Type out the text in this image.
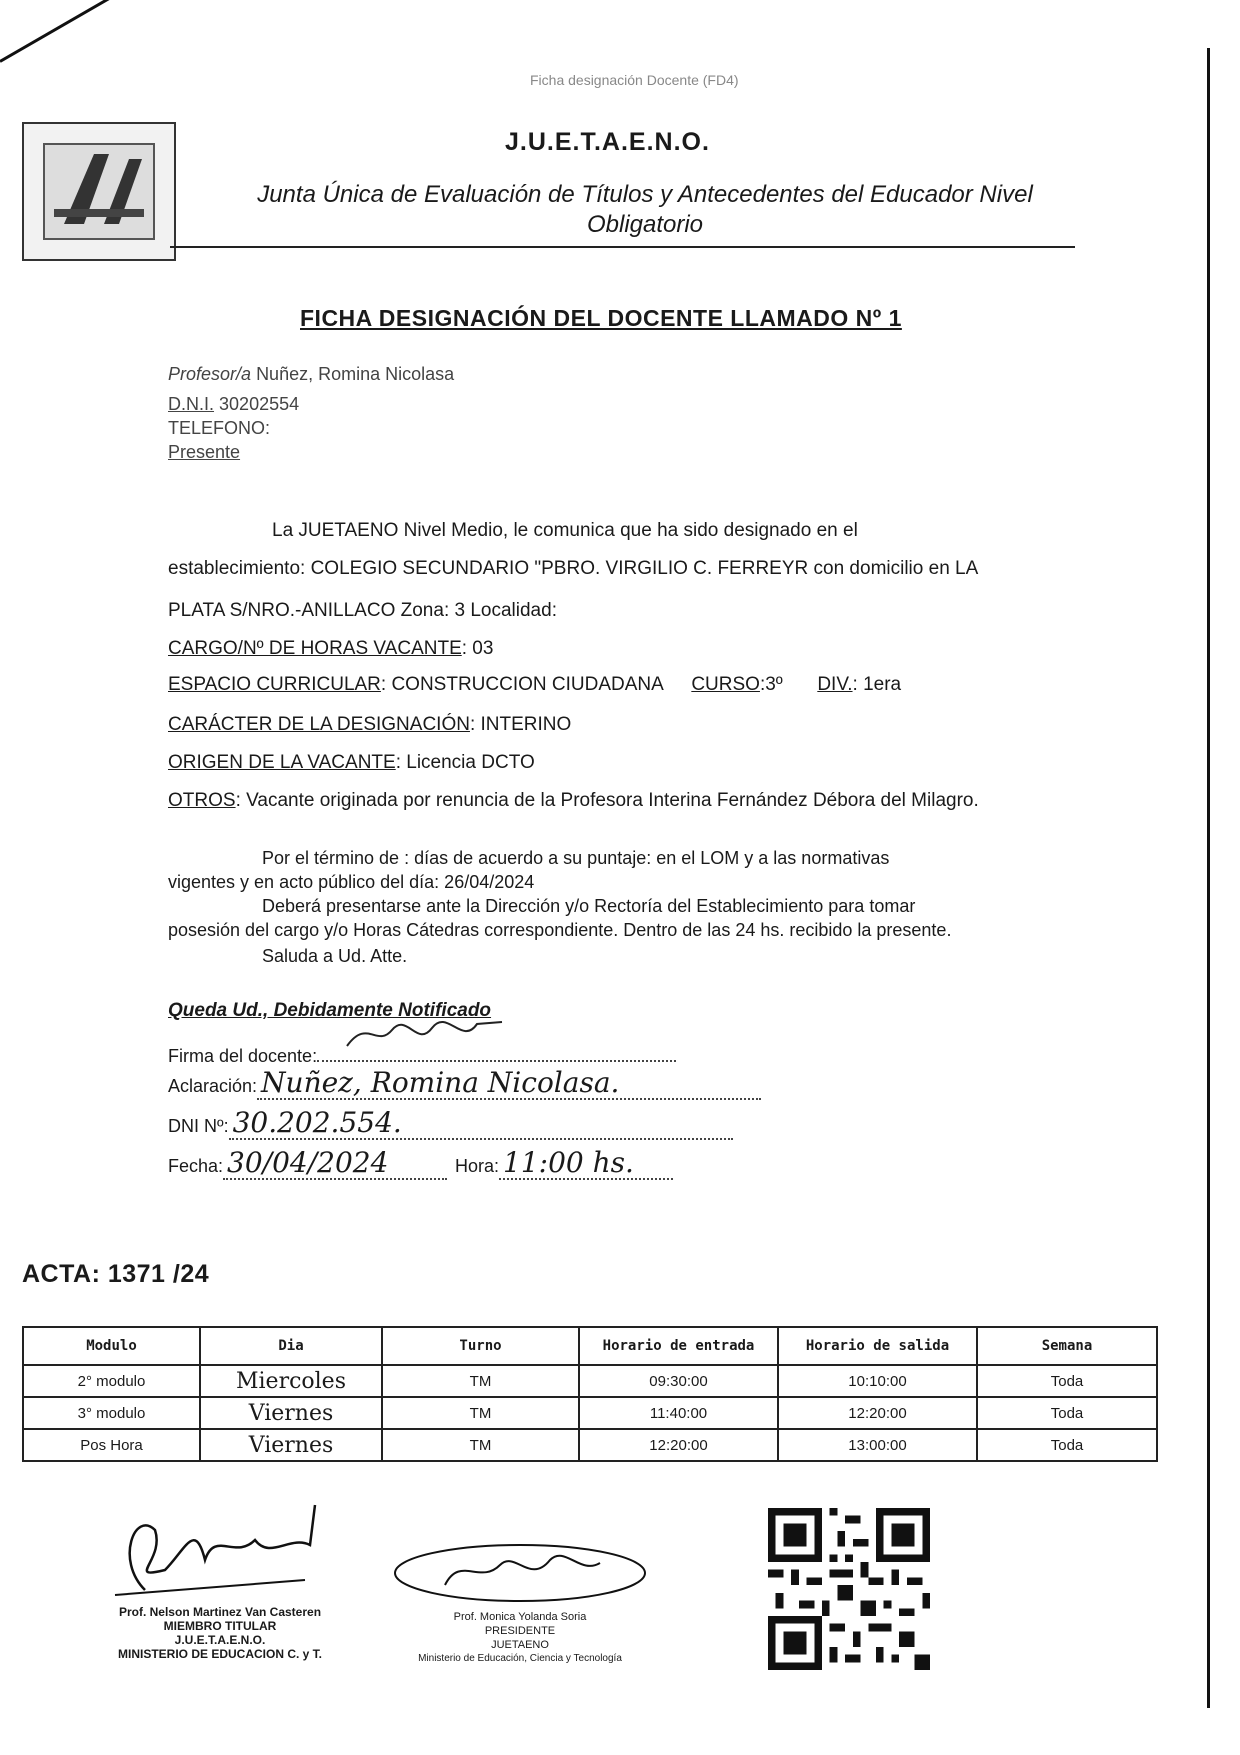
Ficha designación Docente (FD4)
J.U.E.T.A.E.N.O.
Junta Única de Evaluación de Títulos y Antecedentes del Educador Nivel Obligatorio
FICHA DESIGNACIÓN DEL DOCENTE LLAMADO Nº 1
Profesor/a Nuñez, Romina Nicolasa
D.N.I. 30202554
TELEFONO:
Presente
La JUETAENO Nivel Medio, le comunica que ha sido designado en el
establecimiento: COLEGIO SECUNDARIO "PBRO. VIRGILIO C. FERREYR con domicilio en LA
PLATA S/NRO.-ANILLACO Zona: 3 Localidad:
CARGO/Nº DE HORAS VACANTE: 03
ESPACIO CURRICULAR: CONSTRUCCION CIUDADANA CURSO:3º DIV.: 1era
CARÁCTER DE LA DESIGNACIÓN: INTERINO
ORIGEN DE LA VACANTE: Licencia DCTO
OTROS: Vacante originada por renuncia de la Profesora Interina Fernández Débora del Milagro.
Por el término de : días de acuerdo a su puntaje: en el LOM y a las normativas
vigentes y en acto público del día: 26/04/2024
Deberá presentarse ante la Dirección y/o Rectoría del Establecimiento para tomar
posesión del cargo y/o Horas Cátedras correspondiente. Dentro de las 24 hs. recibido la presente.
Saluda a Ud. Atte.
Queda Ud., Debidamente Notificado
Firma del docente:
Aclaración: Nuñez, Romina Nicolasa.
DNI Nº: 30.202.554.
Fecha: 30/04/2024	Hora: 11:00 hs.
ACTA: 1371 /24
Modulo	Dia	Turno	Horario de entrada	Horario de salida	Semana
2° modulo	Miercoles	TM	09:30:00	10:10:00	Toda
3° modulo	Viernes	TM	11:40:00	12:20:00	Toda
Pos Hora	Viernes	TM	12:20:00	13:00:00	Toda
Prof. Nelson Martinez Van Casteren
MIEMBRO TITULAR
J.U.E.T.A.E.N.O.
MINISTERIO DE EDUCACION C. y T.
Prof. Monica Yolanda Soria
PRESIDENTE
JUETAENO
Ministerio de Educación, Ciencia y Tecnología
